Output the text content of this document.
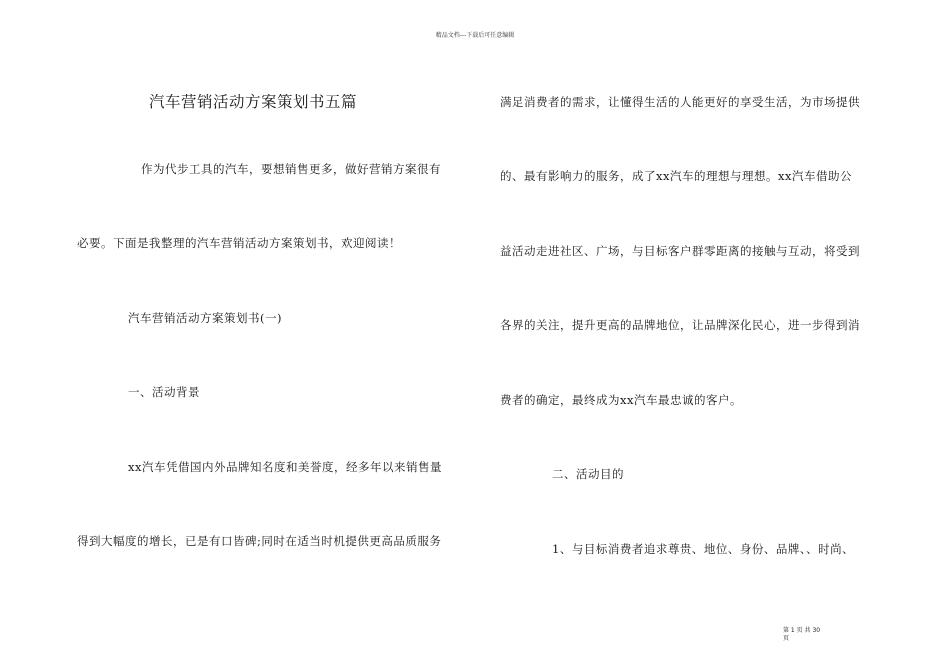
精品文档---下载后可任意编辑
汽车营销活动方案策划书五篇
作为代步工具的汽车，要想销售更多，做好营销方案很有
必要。下面是我整理的汽车营销活动方案策划书，欢迎阅读！
汽车营销活动方案策划书(一)
一、活动背景
xx汽车凭借国内外品牌知名度和美誉度，经多年以来销售量
得到大幅度的增长，已是有口皆碑;同时在适当时机提供更高品质服务
满足消费者的需求，让懂得生活的人能更好的享受生活，为市场提供
的、最有影响力的服务，成了xx汽车的理想与理想。xx汽车借助公
益活动走进社区、广场，与目标客户群零距离的接触与互动，将受到
各界的关注，提升更高的品牌地位，让品牌深化民心，进一步得到消
费者的确定，最终成为xx汽车最忠诚的客户。
二、活动目的
1、与目标消费者追求尊贵、地位、身份、品牌、、时尚、
第 1 页 共 30 页
